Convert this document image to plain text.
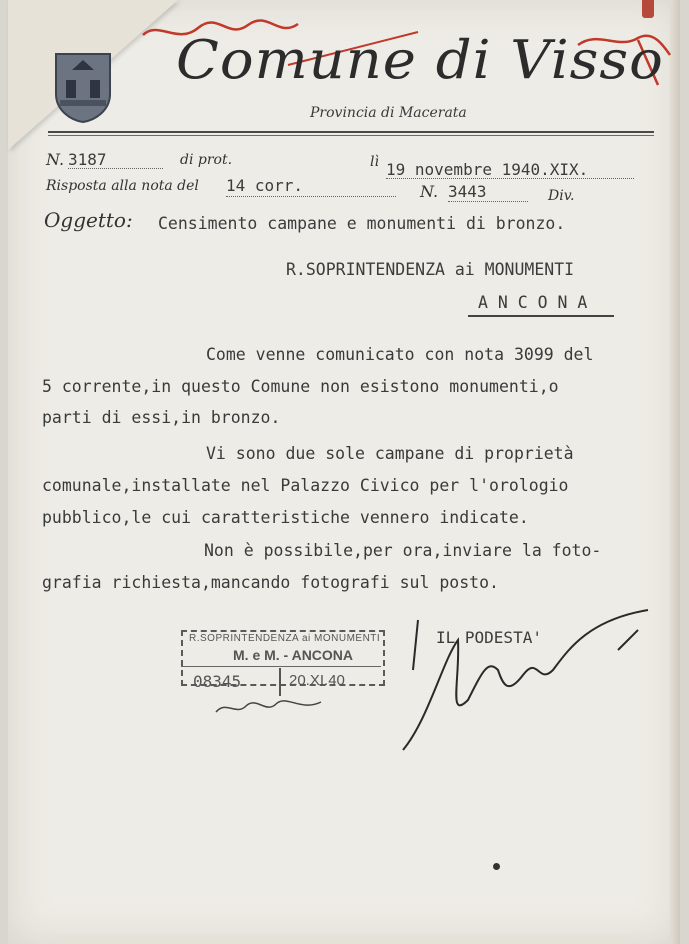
Comune di Visso
Provincia di Macerata
N. 3187	di prot.	lì 19 novembre 1940.XIX.
Risposta alla nota del 14 corr.	N. 3443	Div.
Oggetto: Censimento campane e monumenti di bronzo.
R.SOPRINTENDENZA ai MONUMENTI
A N C O N A
Come venne comunicato con nota 3099 del
5 corrente,in questo Comune non esistono monumenti,o
parti di essi,in bronzo.
Vi sono due sole campane di proprietà
comunale,installate nel Palazzo Civico per l'orologio
pubblico,le cui caratteristiche vennero indicate.
Non è possibile,per ora,inviare la foto-
grafia richiesta,mancando fotografi sul posto.
R.SOPRINTENDENZA ai MONUMENTI
M. e M. - ANCONA
08345	20.XI.40
IL PODESTA'
